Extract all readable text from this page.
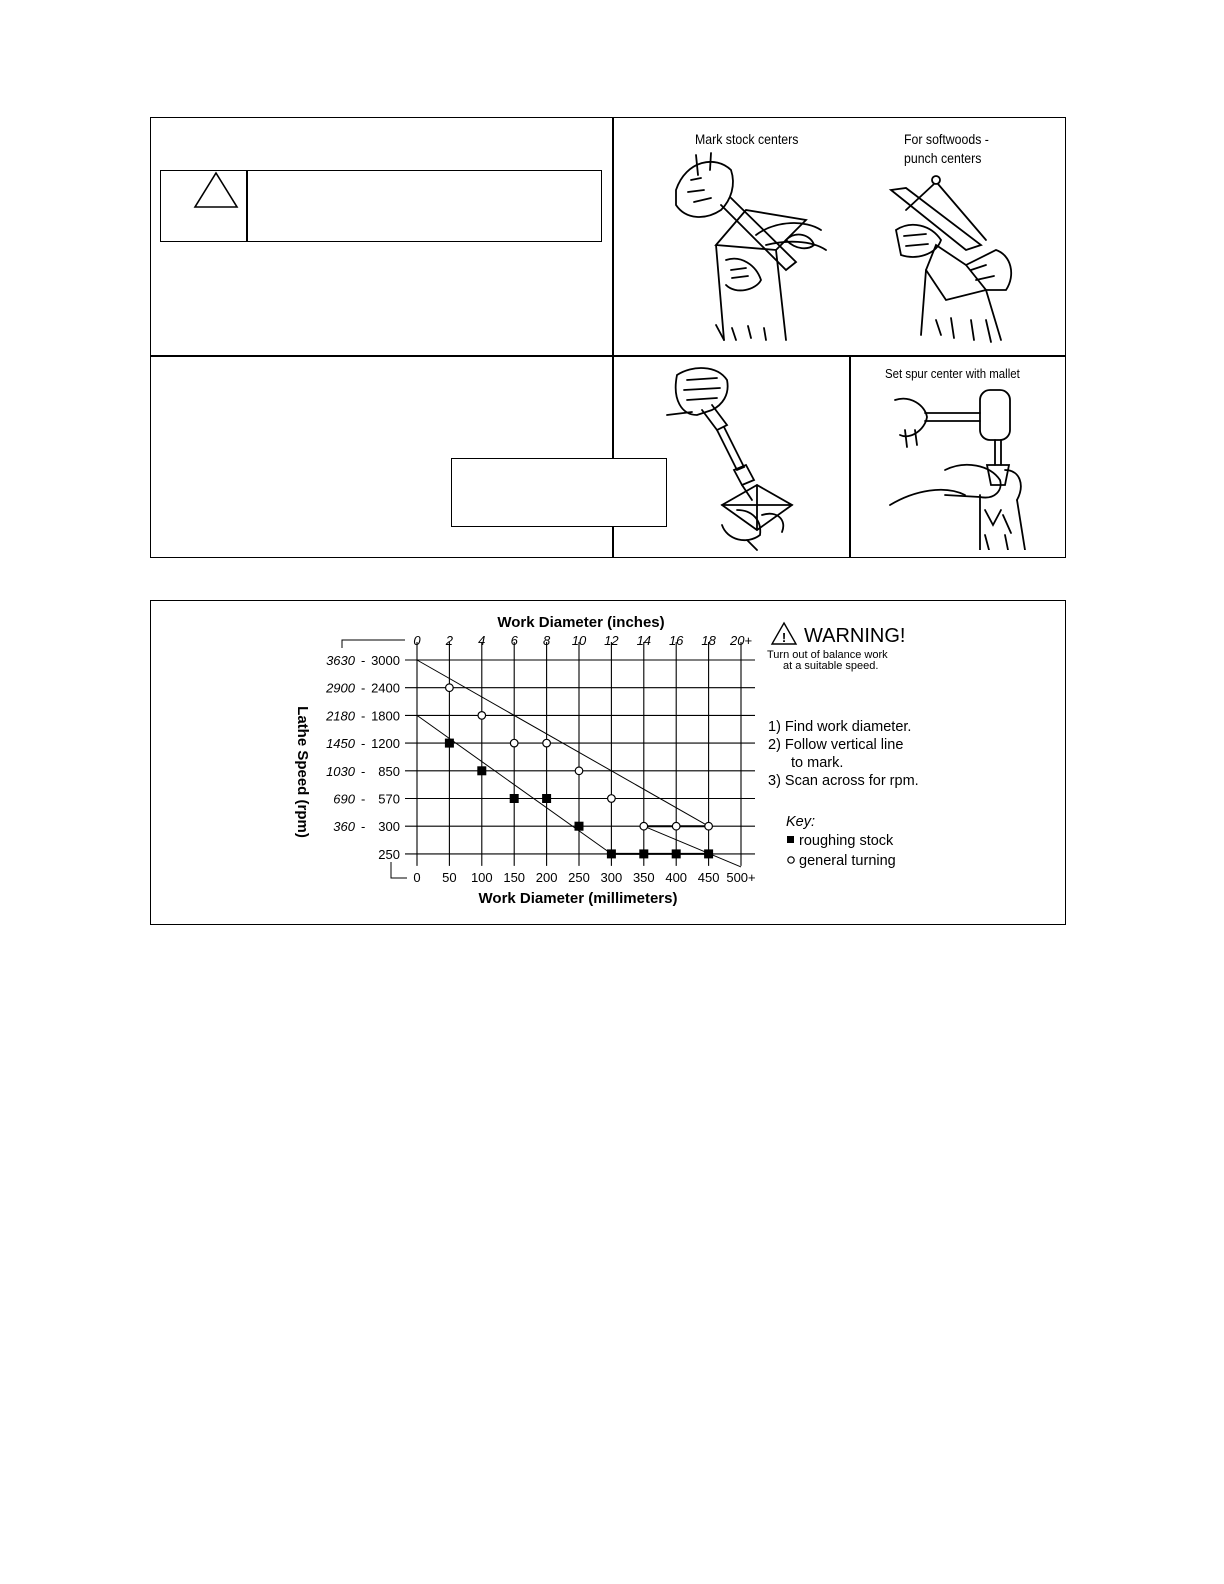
Mark stock centers	For softwoods -
punch centers
Set spur center with mallet
Work Diameter (inches)
Work Diameter (millimeters)
Lathe Speed (rpm)
0 2 4 6 8 10 12 14 16 18 20+
0 50 100 150 200 250 300 350 400 450 500+
3630 - 3000
2900 - 2400
2180 - 1800
1450 - 1200
1030 - 850
690 - 570
360 - 300
250
! WARNING!
Turn out of balance work
at a suitable speed.
1) Find work diameter.
2) Follow vertical line
to mark.
3) Scan across for rpm.
Key:
roughing stock
general turning
